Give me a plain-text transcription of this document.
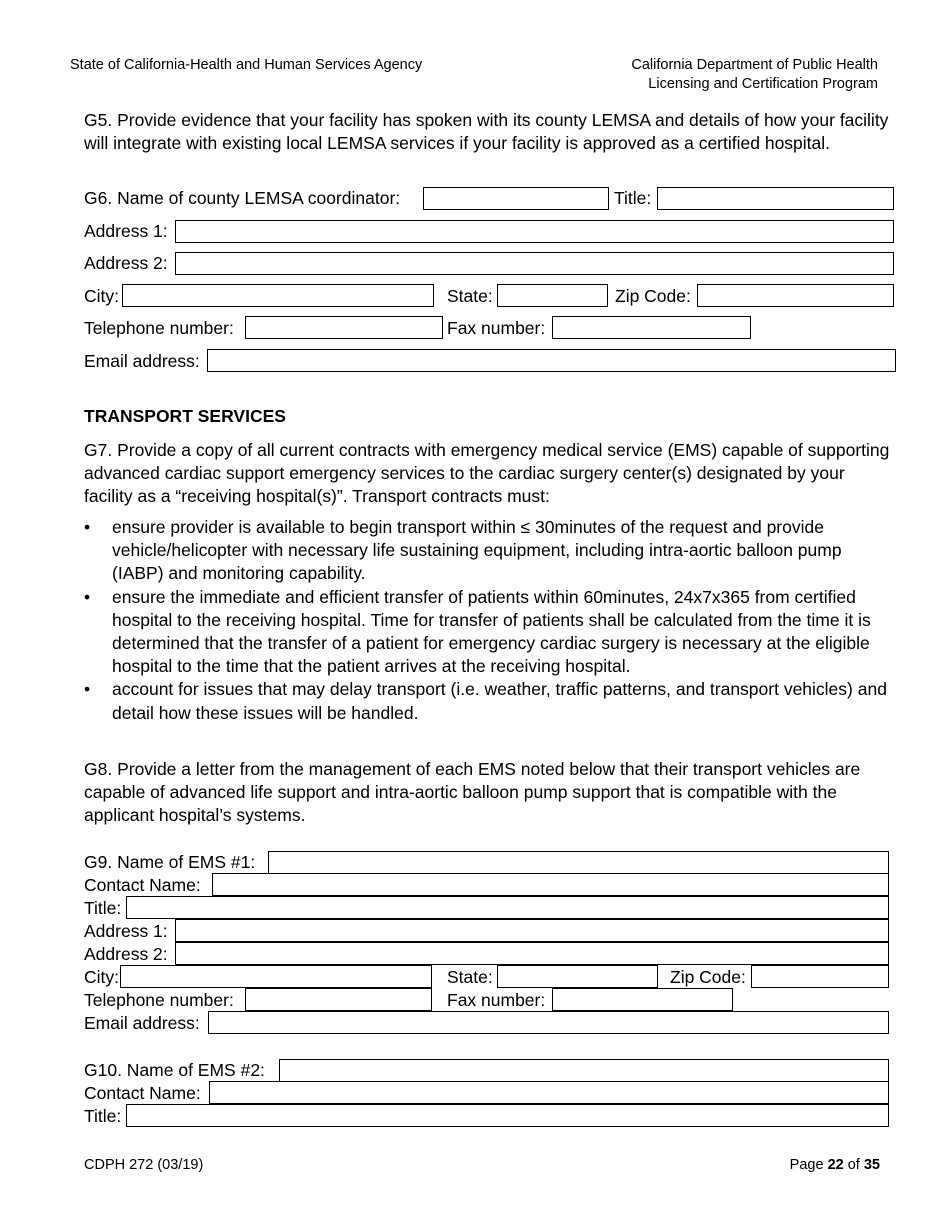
State of California-Health and Human Services Agency	California Department of Public Health
Licensing and Certification Program

G5. Provide evidence that your facility has spoken with its county LEMSA and details of how your facility will integrate with existing local LEMSA services if your facility is approved as a certified hospital.

G6. Name of county LEMSA coordinator:	Title:
Address 1:
Address 2:
City:	State:	Zip Code:
Telephone number:	Fax number:
Email address:
TRANSPORT SERVICES

G7. Provide a copy of all current contracts with emergency medical service (EMS) capable of supporting advanced cardiac support emergency services to the cardiac surgery center(s) designated by your facility as a “receiving hospital(s)”. Transport contracts must:

• ensure provider is available to begin transport within ≤ 30minutes of the request and provide vehicle/helicopter with necessary life sustaining equipment, including intra-aortic balloon pump (IABP) and monitoring capability.
• ensure the immediate and efficient transfer of patients within 60minutes, 24x7x365 from certified hospital to the receiving hospital. Time for transfer of patients shall be calculated from the time it is determined that the transfer of a patient for emergency cardiac surgery is necessary at the eligible hospital to the time that the patient arrives at the receiving hospital.
• account for issues that may delay transport (i.e. weather, traffic patterns, and transport vehicles) and detail how these issues will be handled.

G8. Provide a letter from the management of each EMS noted below that their transport vehicles are capable of advanced life support and intra-aortic balloon pump support that is compatible with the applicant hospital’s systems.

G9. Name of EMS #1:
Contact Name:
Title:
Address 1:
Address 2:
City:	State:	Zip Code:
Telephone number:	Fax number:
Email address:
G10. Name of EMS #2:
Contact Name:
Title:
CDPH 272 (03/19)	Page 22 of 35
